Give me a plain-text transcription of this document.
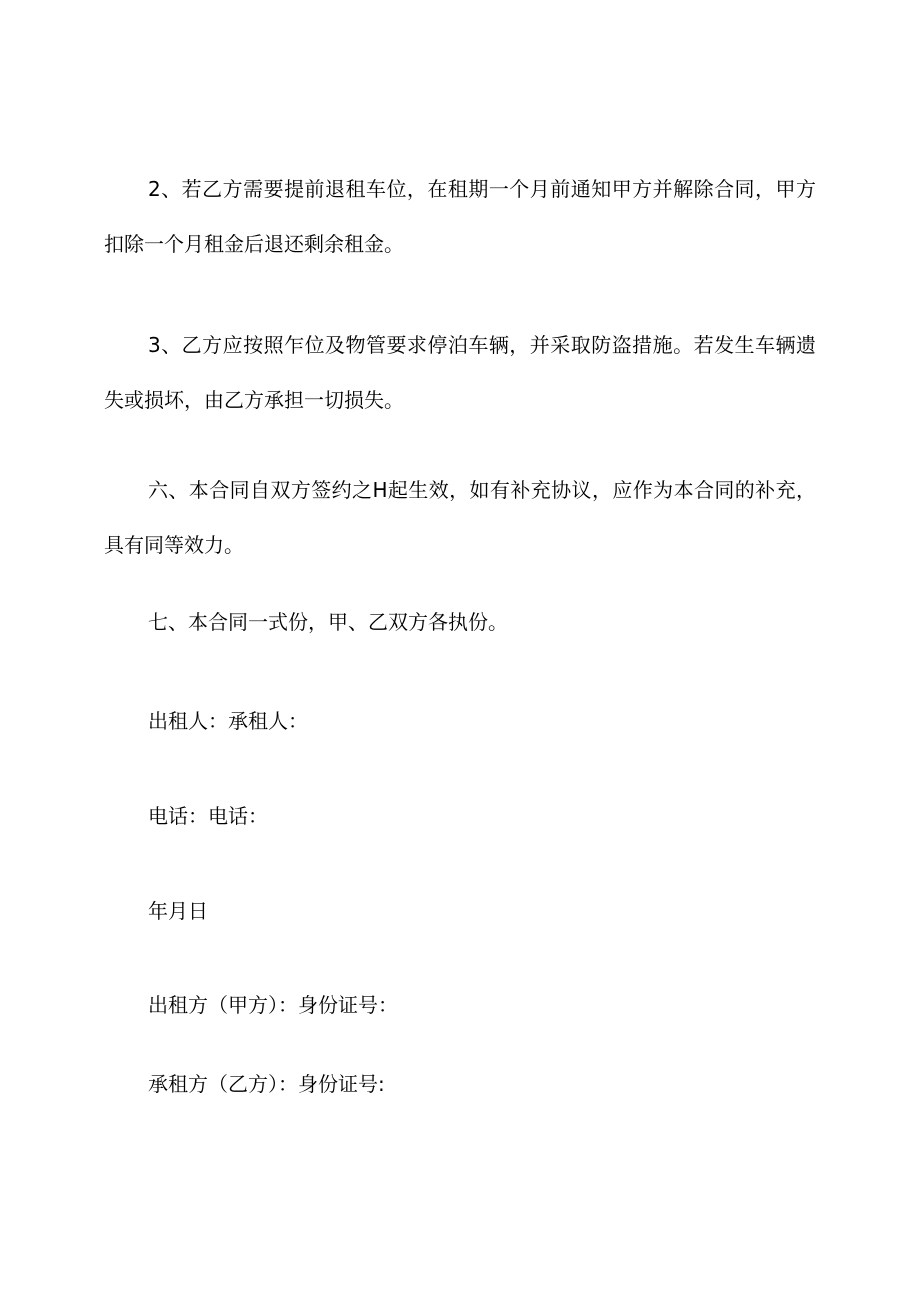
2、若乙方需要提前退租车位，在租期一个月前通知甲方并解除合同，甲方扣除一个月租金后退还剩余租金。

3、乙方应按照乍位及物管要求停泊车辆，并采取防盗措施。若发生车辆遗失或损坏，由乙方承担一切损失。

六、本合同自双方签约之H起生效，如有补充协议，应作为本合同的补充，具有同等效力。

七、本合同一式份，甲、乙双方各执份。

出租人：承租人：

电话：电话：

年月日

出租方（甲方）：身份证号：

承租方（乙方）：身份证号:
